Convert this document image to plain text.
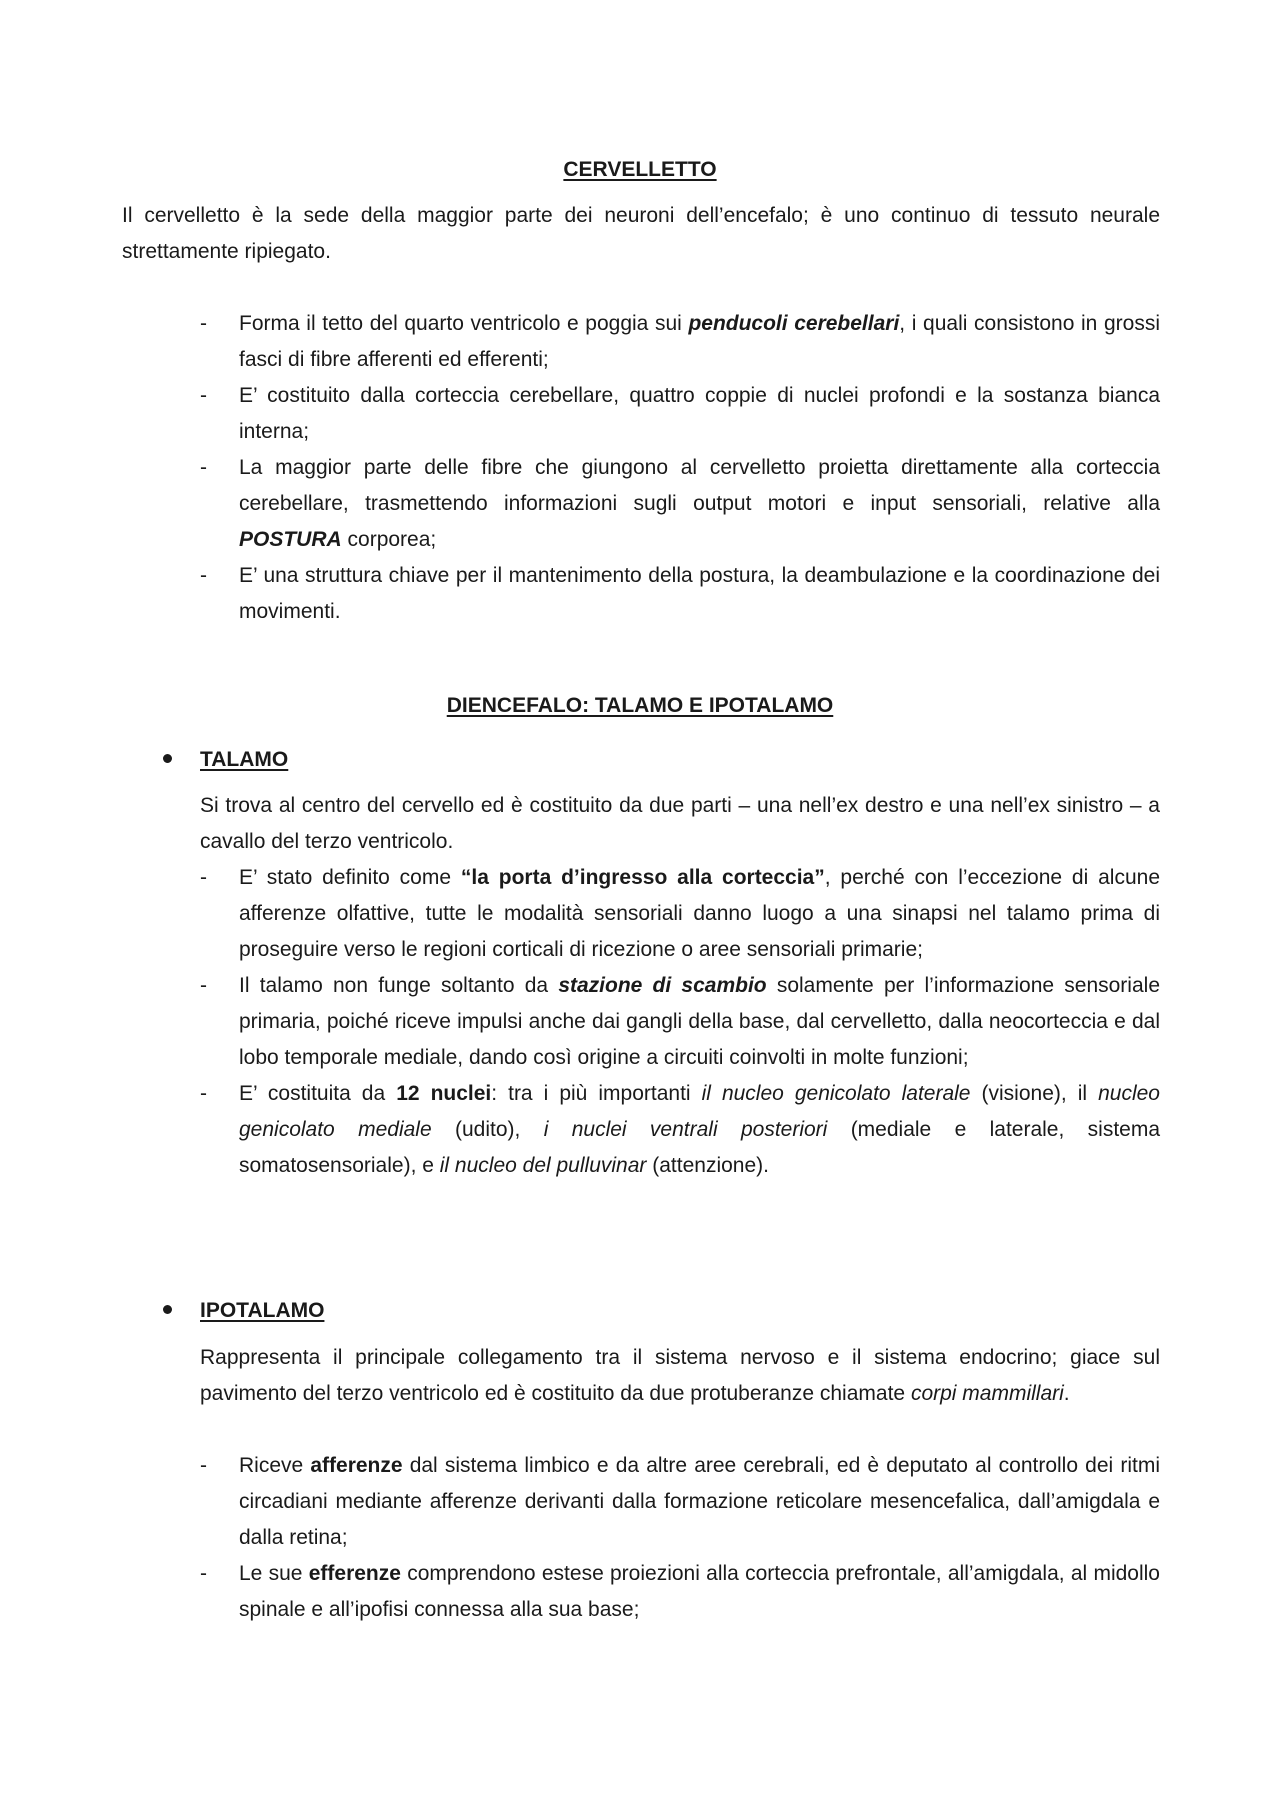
CERVELLETTO

Il cervelletto è la sede della maggior parte dei neuroni dell’encefalo; è uno continuo di tessuto neurale strettamente ripiegato.

- Forma il tetto del quarto ventricolo e poggia sui penducoli cerebellari, i quali consistono in grossi fasci di fibre afferenti ed efferenti;
- E’ costituito dalla corteccia cerebellare, quattro coppie di nuclei profondi e la sostanza bianca interna;
- La maggior parte delle fibre che giungono al cervelletto proietta direttamente alla corteccia cerebellare, trasmettendo informazioni sugli output motori e input sensoriali, relative alla POSTURA corporea;
- E’ una struttura chiave per il mantenimento della postura, la deambulazione e la coordinazione dei movimenti.
DIENCEFALO: TALAMO E IPOTALAMO
TALAMO

Si trova al centro del cervello ed è costituito da due parti – una nell’ex destro e una nell’ex sinistro – a cavallo del terzo ventricolo.

- E’ stato definito come “la porta d’ingresso alla corteccia”, perché con l’eccezione di alcune afferenze olfattive, tutte le modalità sensoriali danno luogo a una sinapsi nel talamo prima di proseguire verso le regioni corticali di ricezione o aree sensoriali primarie;
- Il talamo non funge soltanto da stazione di scambio solamente per l’informazione sensoriale primaria, poiché riceve impulsi anche dai gangli della base, dal cervelletto, dalla neocorteccia e dal lobo temporale mediale, dando così origine a circuiti coinvolti in molte funzioni;
- E’ costituita da 12 nuclei: tra i più importanti il nucleo genicolato laterale (visione), il nucleo genicolato mediale (udito), i nuclei ventrali posteriori (mediale e laterale, sistema somatosensoriale), e il nucleo del pulluvinar (attenzione).
IPOTALAMO

Rappresenta il principale collegamento tra il sistema nervoso e il sistema endocrino; giace sul pavimento del terzo ventricolo ed è costituito da due protuberanze chiamate corpi mammillari.

- Riceve afferenze dal sistema limbico e da altre aree cerebrali, ed è deputato al controllo dei ritmi circadiani mediante afferenze derivanti dalla formazione reticolare mesencefalica, dall’amigdala e dalla retina;
- Le sue efferenze comprendono estese proiezioni alla corteccia prefrontale, all’amigdala, al midollo spinale e all’ipofisi connessa alla sua base;
